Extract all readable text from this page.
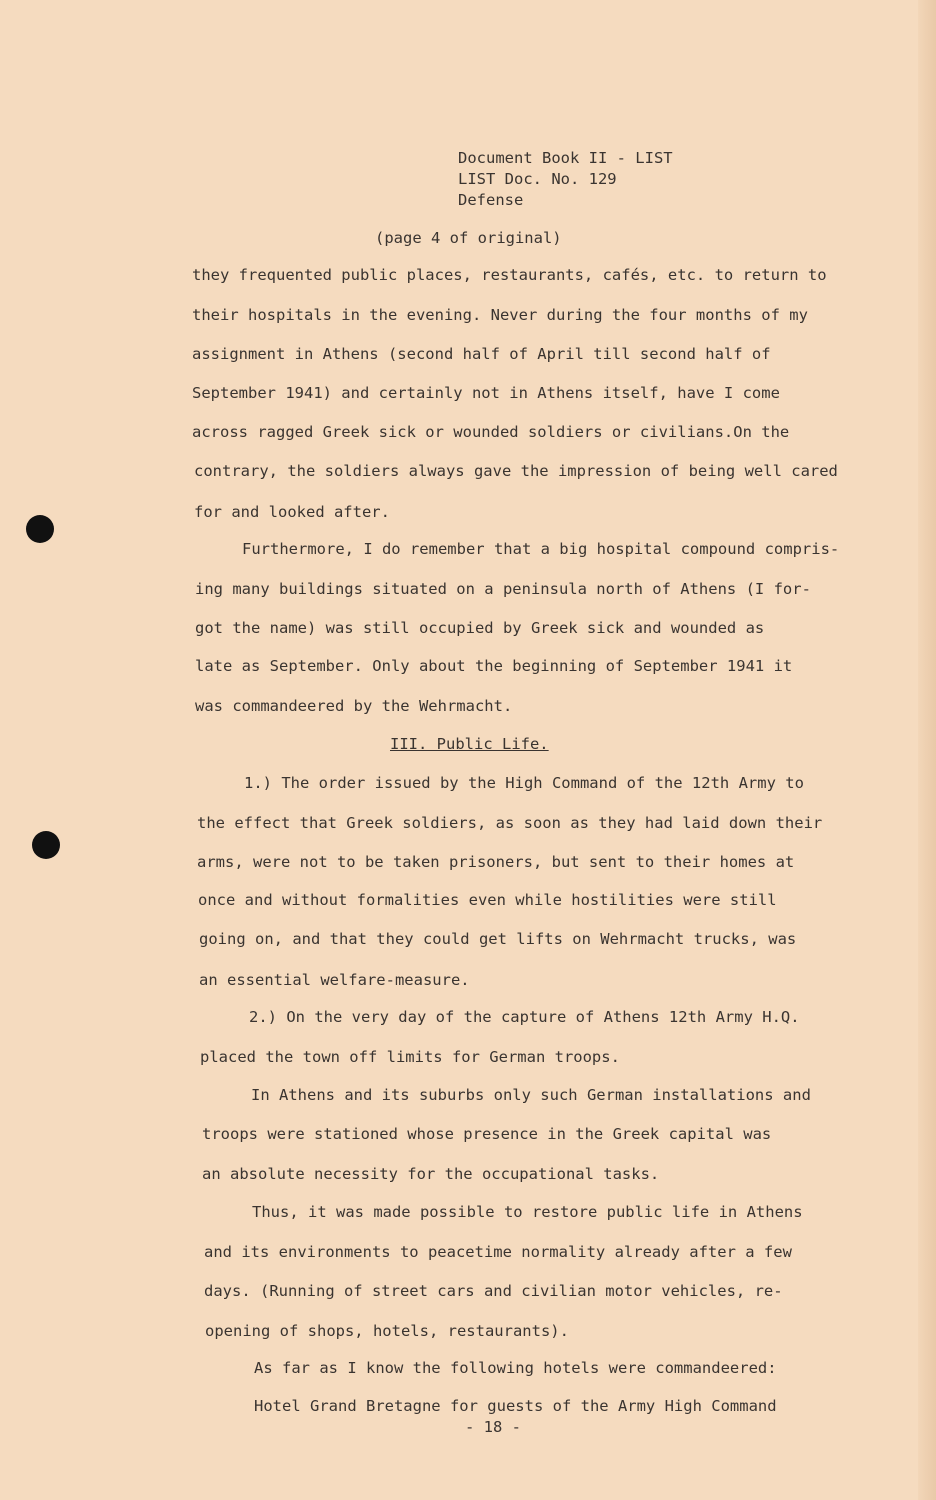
Document Book II - LIST
LIST Doc. No. 129
Defense
(page 4 of original)
they frequented public places, restaurants, cafés, etc. to return to
their hospitals in the evening. Never during the four months of my
assignment in Athens (second half of April till second half of
September 1941) and certainly not in Athens itself, have I come
across ragged Greek sick or wounded soldiers or civilians.On the
contrary, the soldiers always gave the impression of being well cared
for and looked after.
Furthermore, I do remember that a big hospital compound compris-
ing many buildings situated on a peninsula north of Athens (I for-
got the name) was still occupied by Greek sick and wounded as
late as September. Only about the beginning of September 1941 it
was commandeered by the Wehrmacht.
III. Public Life.
1.) The order issued by the High Command of the 12th Army to
the effect that Greek soldiers, as soon as they had laid down their
arms, were not to be taken prisoners, but sent to their homes at
once and without formalities even while hostilities were still
going on, and that they could get lifts on Wehrmacht trucks, was
an essential welfare-measure.
2.) On the very day of the capture of Athens 12th Army H.Q.
placed the town off limits for German troops.
In Athens and its suburbs only such German installations and
troops were stationed whose presence in the Greek capital was
an absolute necessity for the occupational tasks.
Thus, it was made possible to restore public life in Athens
and its environments to peacetime normality already after a few
days. (Running of street cars and civilian motor vehicles, re-
opening of shops, hotels, restaurants).
As far as I know the following hotels were commandeered:
Hotel Grand Bretagne for guests of the Army High Command
- 18 -
